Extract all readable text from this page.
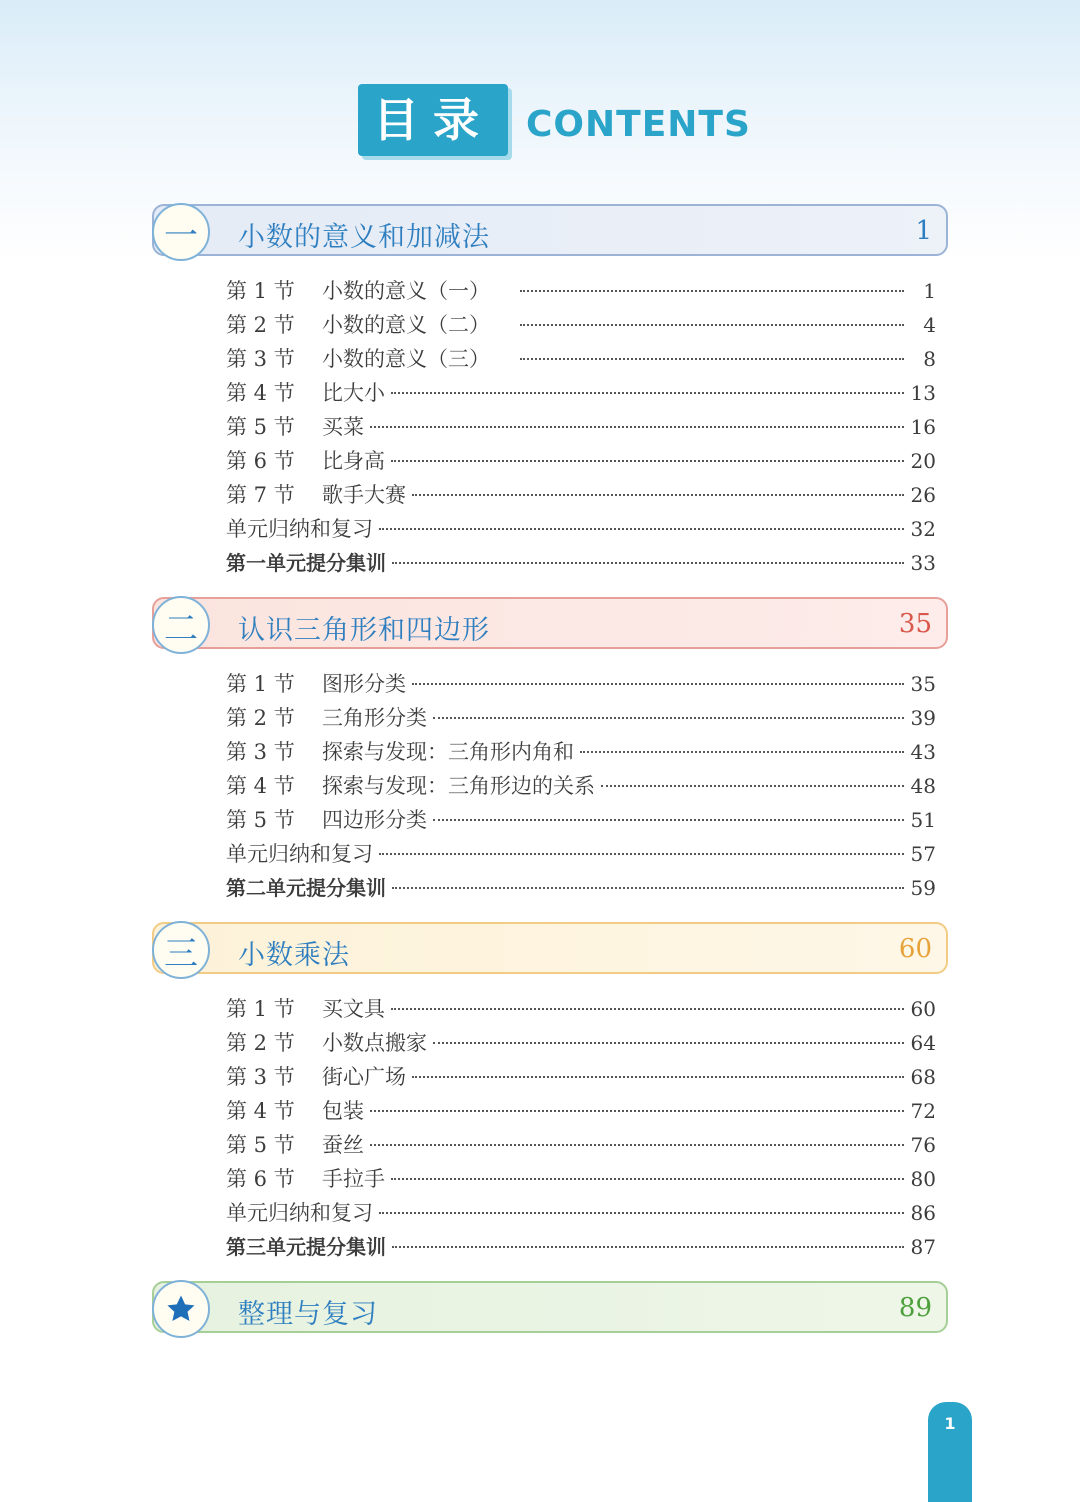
目录 CONTENTS
一	小数的意义和加减法	1
第 1 节	小数的意义（一）	1
第 2 节	小数的意义（二）	4
第 3 节	小数的意义（三）	8
第 4 节	比大小	13
第 5 节	买菜	16
第 6 节	比身高	20
第 7 节	歌手大赛	26
单元归纳和复习	32
第一单元提分集训	33
二	认识三角形和四边形	35
第 1 节	图形分类	35
第 2 节	三角形分类	39
第 3 节	探索与发现：三角形内角和	43
第 4 节	探索与发现：三角形边的关系	48
第 5 节	四边形分类	51
单元归纳和复习	57
第二单元提分集训	59
三	小数乘法	60
第 1 节	买文具	60
第 2 节	小数点搬家	64
第 3 节	街心广场	68
第 4 节	包装	72
第 5 节	蚕丝	76
第 6 节	手拉手	80
单元归纳和复习	86
第三单元提分集训	87
整理与复习	89
1
